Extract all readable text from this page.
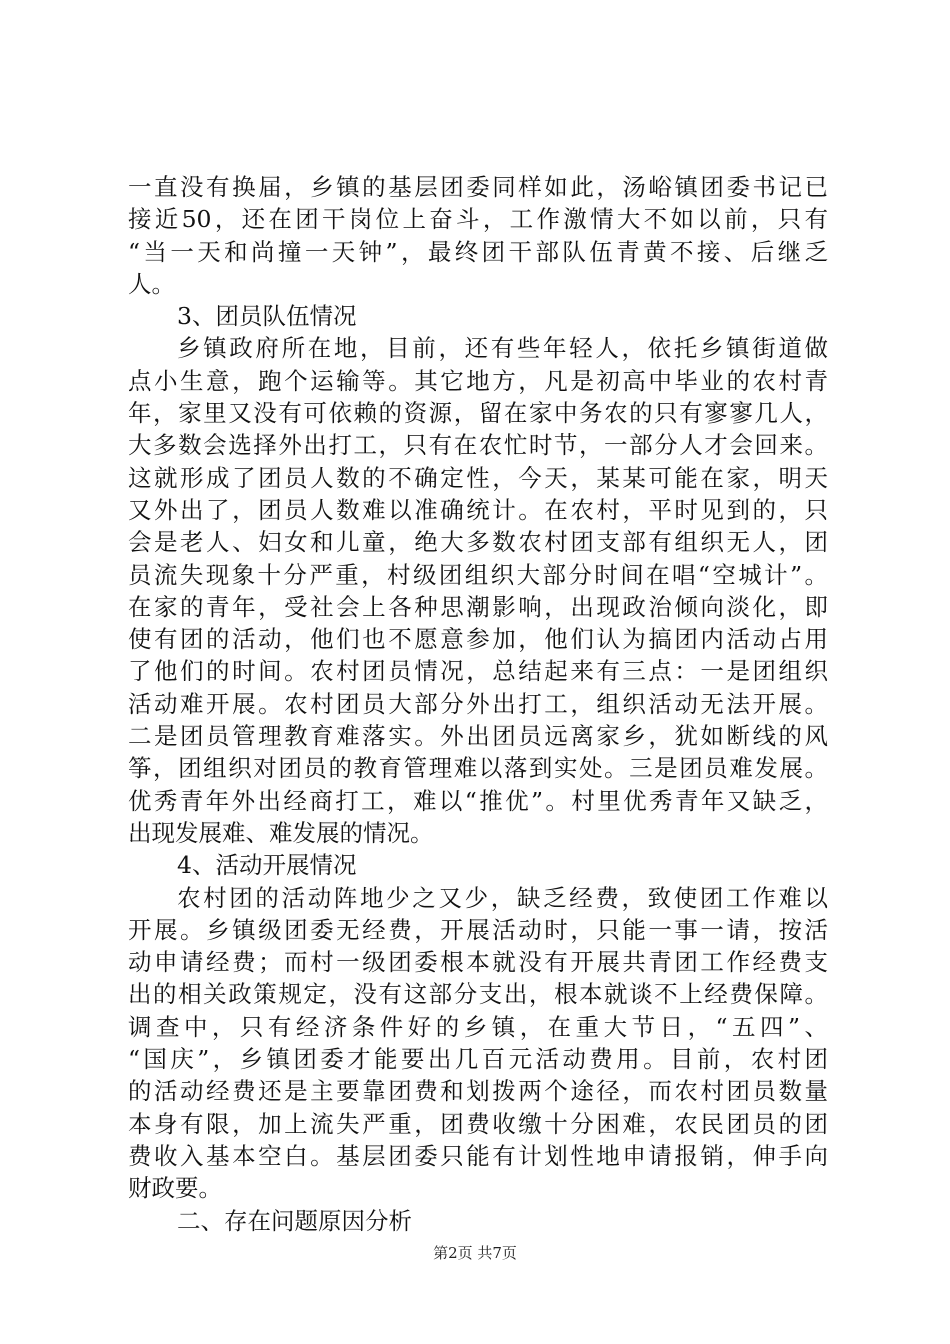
一直没有换届，乡镇的基层团委同样如此，汤峪镇团委书记已
接近50，还在团干岗位上奋斗，工作激情大不如以前，只有
“当一天和尚撞一天钟”，最终团干部队伍青黄不接、后继乏
人。
3、团员队伍情况
乡镇政府所在地，目前，还有些年轻人，依托乡镇街道做
点小生意，跑个运输等。其它地方，凡是初高中毕业的农村青
年，家里又没有可依赖的资源，留在家中务农的只有寥寥几人，
大多数会选择外出打工，只有在农忙时节，一部分人才会回来。
这就形成了团员人数的不确定性，今天，某某可能在家，明天
又外出了，团员人数难以准确统计。在农村，平时见到的，只
会是老人、妇女和儿童，绝大多数农村团支部有组织无人，团
员流失现象十分严重，村级团组织大部分时间在唱“空城计”。
在家的青年，受社会上各种思潮影响，出现政治倾向淡化，即
使有团的活动，他们也不愿意参加，他们认为搞团内活动占用
了他们的时间。农村团员情况，总结起来有三点：一是团组织
活动难开展。农村团员大部分外出打工，组织活动无法开展。
二是团员管理教育难落实。外出团员远离家乡，犹如断线的风
筝，团组织对团员的教育管理难以落到实处。三是团员难发展。
优秀青年外出经商打工，难以“推优”。村里优秀青年又缺乏，
出现发展难、难发展的情况。
4、活动开展情况
农村团的活动阵地少之又少，缺乏经费，致使团工作难以
开展。乡镇级团委无经费，开展活动时，只能一事一请，按活
动申请经费；而村一级团委根本就没有开展共青团工作经费支
出的相关政策规定，没有这部分支出，根本就谈不上经费保障。
调查中，只有经济条件好的乡镇，在重大节日，“五四”、
“国庆”，乡镇团委才能要出几百元活动费用。目前，农村团
的活动经费还是主要靠团费和划拨两个途径，而农村团员数量
本身有限，加上流失严重，团费收缴十分困难，农民团员的团
费收入基本空白。基层团委只能有计划性地申请报销，伸手向
财政要。
二、存在问题原因分析
第2页 共7页
